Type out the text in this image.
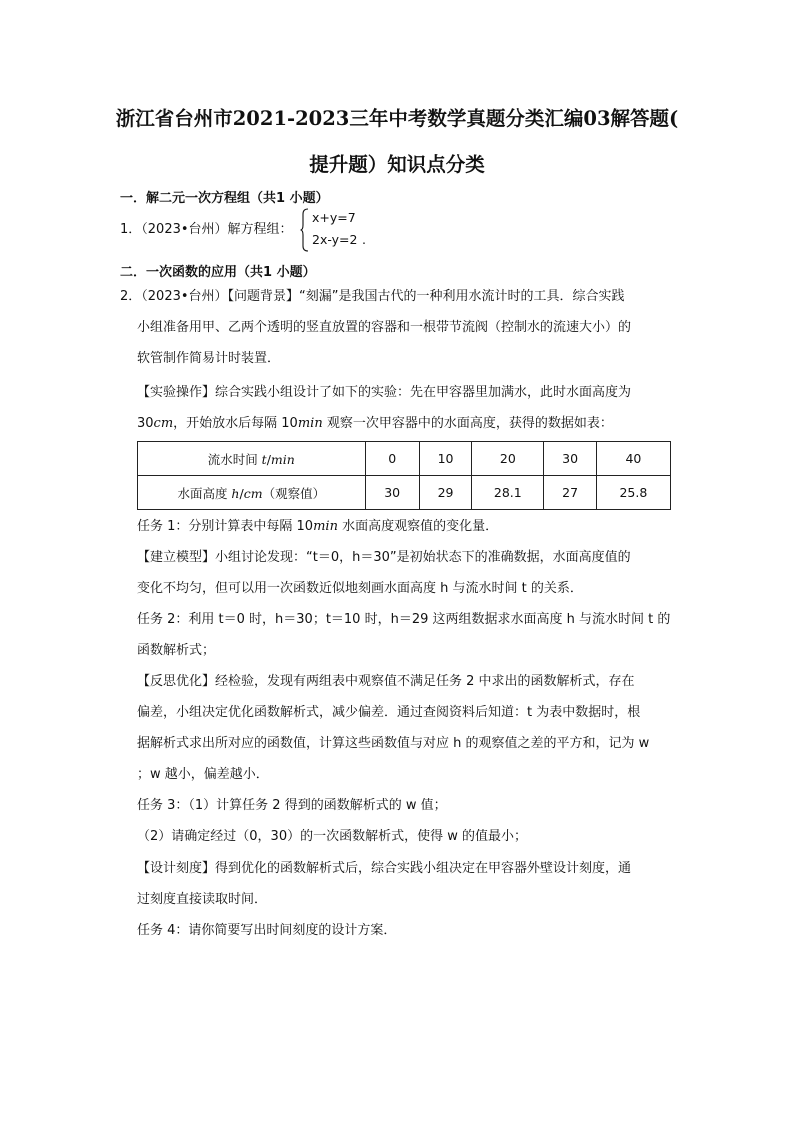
浙江省台州市2021-2023三年中考数学真题分类汇编03解答题(
提升题）知识点分类
一．解二元一次方程组（共1 小题）
1．（2023•台州）解方程组：
x+y=7
2x-y=2 .
二．一次函数的应用（共1 小题）
2．（2023•台州）【问题背景】“刻漏”是我国古代的一种利用水流计时的工具．综合实践
小组准备用甲、乙两个透明的竖直放置的容器和一根带节流阀（控制水的流速大小）的
软管制作简易计时装置．
【实验操作】综合实践小组设计了如下的实验：先在甲容器里加满水，此时水面高度为
30cm，开始放水后每隔 10min 观察一次甲容器中的水面高度，获得的数据如表：
流水时间 t/min	0	10	20	30	40
水面高度 h/cm（观察值）	30	29	28.1	27	25.8
任务 1：分别计算表中每隔 10min 水面高度观察值的变化量．
【建立模型】小组讨论发现：“t＝0，h＝30”是初始状态下的准确数据，水面高度值的
变化不均匀，但可以用一次函数近似地刻画水面高度 h 与流水时间 t 的关系．
任务 2：利用 t＝0 时，h＝30；t＝10 时，h＝29 这两组数据求水面高度 h 与流水时间 t 的
函数解析式；
【反思优化】经检验，发现有两组表中观察值不满足任务 2 中求出的函数解析式，存在
偏差，小组决定优化函数解析式，减少偏差．通过查阅资料后知道：t 为表中数据时，根
据解析式求出所对应的函数值，计算这些函数值与对应 h 的观察值之差的平方和，记为 w
；w 越小，偏差越小．
任务 3：（1）计算任务 2 得到的函数解析式的 w 值；
（2）请确定经过（0，30）的一次函数解析式，使得 w 的值最小；
【设计刻度】得到优化的函数解析式后，综合实践小组决定在甲容器外壁设计刻度，通
过刻度直接读取时间．
任务 4：请你简要写出时间刻度的设计方案．
